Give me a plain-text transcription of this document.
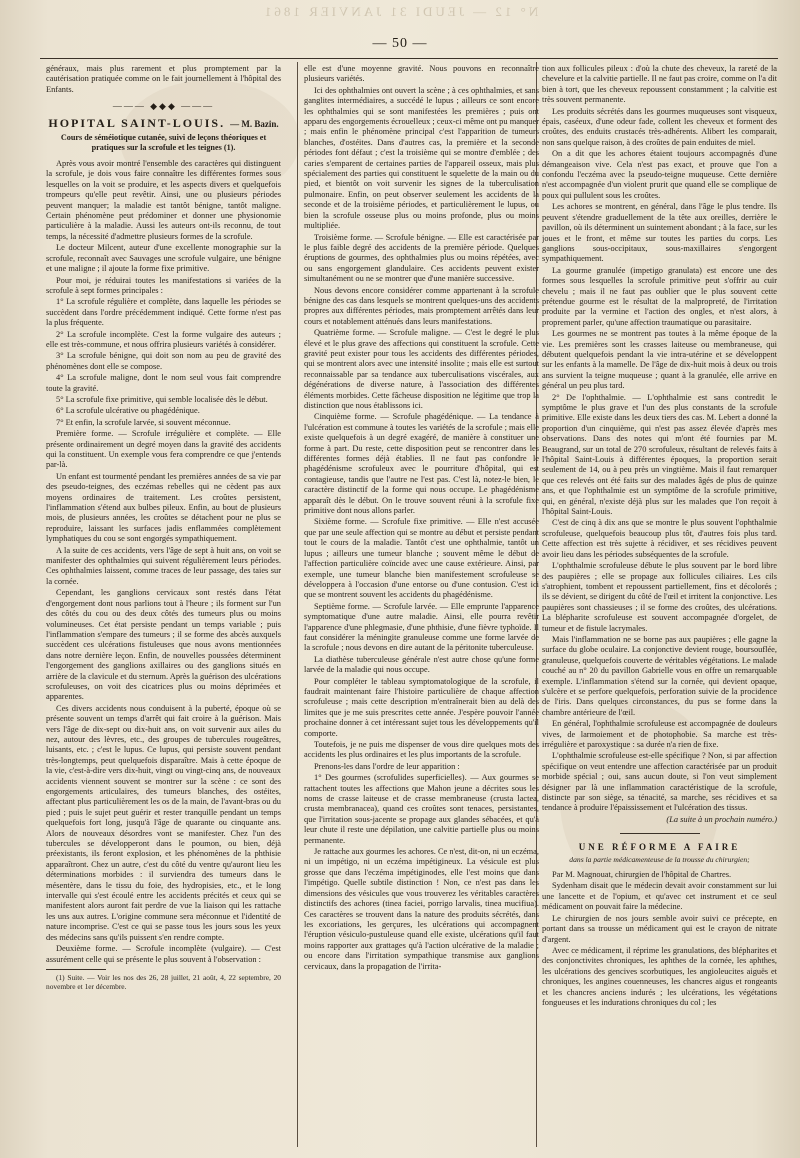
N° 12 — JEUDI 31 JANVIER 1861
— 50 —

généraux, mais plus rarement et plus promptement par la cautérisation pratiquée comme on le fait journellement à l'hôpital des Enfants.

——— ◆◆◆ ———
HOPITAL SAINT-LOUIS. — M. Bazin.
Cours de séméiotique cutanée, suivi de leçons théoriques et pratiques sur la scrofule et les teignes (1).

Après vous avoir montré l'ensemble des caractères qui distinguent la scrofule, je dois vous faire connaître les différentes formes sous lesquelles on la voit se produire, et les aspects divers et quelquefois trompeurs qu'elle peut revêtir. Ainsi, une ou plusieurs périodes peuvent manquer; la maladie est tantôt bénigne, tantôt maligne. Certain phénomène peut prédominer et donner une physionomie particulière à la maladie. Aussi les auteurs ont-ils reconnu, de tout temps, la nécessité d'admettre plusieurs formes de la scrofule.

Le docteur Milcent, auteur d'une excellente monographie sur la scrofule, reconnaît avec Sauvages une scrofule vulgaire, une bénigne et une maligne ; il ajoute la forme fixe primitive.

Pour moi, je réduirai toutes les manifestations si variées de la scrofule à sept formes principales :

1° La scrofule régulière et complète, dans laquelle les périodes se succèdent dans l'ordre précédemment indiqué. Cette forme n'est pas la plus fréquente.

2° La scrofule incomplète. C'est la forme vulgaire des auteurs ; elle est très-commune, et nous offrira plusieurs variétés à considérer.

3° La scrofule bénigne, qui doit son nom au peu de gravité des phénomènes dont elle se compose.

4° La scrofule maligne, dont le nom seul vous fait comprendre toute la gravité.

5° La scrofule fixe primitive, qui semble localisée dès le début.

6° La scrofule ulcérative ou phagédénique.

7° Et enfin, la scrofule larvée, si souvent méconnue.

Première forme. — Scrofule irrégulière et complète. — Elle présente ordinairement un degré moyen dans la gravité des accidents qui la constituent. Un exemple vous fera comprendre ce que j'entends par-là.

Un enfant est tourmenté pendant les premières années de sa vie par des pseudo-teignes, des eczémas rebelles qui ne cèdent pas aux moyens ordinaires de traitement. Les croûtes persistent, l'inflammation s'étend aux bulbes pileux. Enfin, au bout de plusieurs mois, de plusieurs années, les croûtes se détachent pour ne plus se reproduire, laissant les surfaces jadis enflammées complètement lymphatiques du cou se sont engorgés sympathiquement.

A la suite de ces accidents, vers l'âge de sept à huit ans, on voit se manifester des ophthalmies qui suivent régulièrement leurs périodes. Ces ophthalmies laissent, comme traces de leur passage, des taies sur la cornée.

Cependant, les ganglions cervicaux sont restés dans l'état d'engorgement dont nous parlions tout à l'heure ; ils forment sur l'un des côtés du cou ou des deux côtés des tumeurs plus ou moins volumineuses. Cet état persiste pendant un temps variable ; puis l'inflammation s'empare des tumeurs ; il se forme des abcès auxquels succèdent ces ulcérations fistuleuses que nous avons mentionnées dans notre dernière leçon. Enfin, de nouvelles poussées déterminent l'engorgement des ganglions axillaires ou des ganglions situés en arrière de la clavicule et du sternum. Après la guérison des ulcérations scrofuleuses, on voit des cicatrices plus ou moins déprimées et apparentes.

Ces divers accidents nous conduisent à la puberté, époque où se présente souvent un temps d'arrêt qui fait croire à la guérison. Mais vers l'âge de dix-sept ou dix-huit ans, on voit survenir aux ailes du nez, autour des lèvres, etc., des groupes de tubercules rougeâtres, luisants, etc. ; c'est le lupus. Ce lupus, qui persiste souvent pendant très-longtemps, peut quelquefois disparaître. Mais à cette époque de la vie, c'est-à-dire vers dix-huit, vingt ou vingt-cinq ans, de nouveaux accidents viennent souvent se montrer sur la scène : ce sont des engorgements articulaires, des tumeurs blanches, des ostéites, affectant plus particulièrement les os de la main, de l'avant-bras ou du pied ; puis le sujet peut guérir et rester tranquille pendant un temps quelquefois fort long, jusqu'à l'âge de quarante ou cinquante ans. Alors de nouveaux désordres vont se manifester. Chez l'un des tubercules se développeront dans le poumon, ou bien, déjà préexistants, ils feront explosion, et les phénomènes de la phthisie apparaîtront. Chez un autre, c'est du côté du ventre qu'auront lieu les déterminations morbides : il surviendra des tumeurs dans le mésentère, dans le tissu du foie, des hydropisies, etc., et le long intervalle qui s'est écoulé entre les accidents précités et ceux qui se manifestent alors auront fait perdre de vue la liaison qui les rattache les uns aux autres. L'origine commune sera méconnue et l'identité de nature incomprise. C'est ce qui se passe tous les jours sous les yeux des médecins sans qu'ils puissent s'en rendre compte.

Deuxième forme. — Scrofule incomplète (vulgaire). — C'est assurément celle qui se présente le plus souvent à l'observation :

(1) Suite. — Voir les nos des 26, 28 juillet, 21 août, 4, 22 septembre, 20 novembre et 1er décembre.

elle est d'une moyenne gravité. Nous pouvons en reconnaître plusieurs variétés.

Ici des ophthalmies ont ouvert la scène ; à ces ophthalmies, et sans ganglites intermédiaires, a succédé le lupus ; ailleurs ce sont encore les ophthalmies qui se sont manifestées les premières ; puis ont apparu des engorgements écrouelleux ; ceux-ci même ont pu manquer ; mais enfin le phénomène principal c'est l'apparition de tumeurs blanches, d'ostéites. Dans d'autres cas, la première et la seconde périodes font défaut ; c'est la troisième qui se montre d'emblée ; des caries s'emparent de certaines parties de l'appareil osseux, mais plus spécialement des parties qui constituent le squelette de la main ou du pied, et bientôt on voit survenir les signes de la tuberculisation pulmonaire. Enfin, on peut observer seulement les accidents de la seconde et de la troisième périodes, et particulièrement le lupus, ou bien la scrofule osseuse plus ou moins profonde, plus ou moins multipliée.

Troisième forme. — Scrofule bénigne. — Elle est caractérisée par le plus faible degré des accidents de la première période. Quelques éruptions de gourmes, des ophthalmies plus ou moins répétées, avec ou sans engorgement glandulaire. Ces accidents peuvent exister simultanément ou ne se montrer que d'une manière successive.

Nous devons encore considérer comme appartenant à la scrofule bénigne des cas dans lesquels se montrent quelques-uns des accidents propres aux différentes périodes, mais promptement arrêtés dans leur cours et notablement atténués dans leurs manifestations.

Quatrième forme. — Scrofule maligne. — C'est le degré le plus élevé et le plus grave des affections qui constituent la scrofule. Cette gravité peut exister pour tous les accidents des différentes périodes, qui se montrent alors avec une intensité insolite ; mais elle est surtout reconnaissable par sa tendance aux tuberculisations viscérales, aux dégénérations de diverse nature, à l'association des différentes éléments morbides. Cette fâcheuse disposition ne légitime que trop la distinction que nous établissons ici.

Cinquième forme. — Scrofule phagédénique. — La tendance à l'ulcération est commune à toutes les variétés de la scrofule ; mais elle existe quelquefois à un degré exagéré, de manière à constituer une forme à part. Du reste, cette disposition peut se rencontrer dans les différentes formes déjà établies. Il ne faut pas confondre le phagédénisme scrofuleux avec le pourriture d'hôpital, qui est contagieuse, tandis que l'autre ne l'est pas. C'est là, notez-le bien, le caractère distinctif de la forme qui nous occupe. Le phagédénisme apparaît dès le début. On le trouve souvent réuni à la scrofule fixe primitive dont nous allons parler.

Sixième forme. — Scrofule fixe primitive. — Elle n'est accusée que par une seule affection qui se montre au début et persiste pendant tout le cours de la maladie. Tantôt c'est une ophthalmie, tantôt un lupus ; ailleurs une tumeur blanche ; souvent même le début de l'affection particulière coïncide avec une cause extérieure. Ainsi, par exemple, une tumeur blanche bien manifestement scrofuleuse se développera à l'occasion d'une entorse ou d'une contusion. C'est ici que se montrent souvent les accidents du phagédénisme.

Septième forme. — Scrofule larvée. — Elle emprunte l'apparence symptomatique d'une autre maladie. Ainsi, elle pourra revêtir l'apparence d'une phlegmasie, d'une phthisie, d'une fièvre typhoïde. Il faut considérer la méningite granuleuse comme une forme larvée de la scrofule ; nous devons en dire autant de la péritonite tuberculeuse.

La diathèse tuberculeuse générale n'est autre chose qu'une forme larvée de la maladie qui nous occupe.

Pour compléter le tableau symptomatologique de la scrofule, il faudrait maintenant faire l'histoire particulière de chaque affection scrofuleuse ; mais cette description m'entraînerait bien au delà des limites que je me suis prescrites cette année. J'espère pouvoir l'année prochaine donner à cet intéressant sujet tous les développements qu'il comporte.

Toutefois, je ne puis me dispenser de vous dire quelques mots des accidents les plus ordinaires et les plus importants de la scrofule.

Prenons-les dans l'ordre de leur apparition :

1° Des gourmes (scrofulides superficielles). — Aux gourmes se rattachent toutes les affections que Mahon jeune a décrites sous les noms de crasse laiteuse et de crasse membraneuse (crusta lactea, crusta membranacea), quand ces croûtes sont tenaces, persistantes, que l'irritation sous-jacente se propage aux glandes sébacées, et qu'à leur chute il reste une dépilation, une calvitie partielle plus ou moins permanente.

Je rattache aux gourmes les achores. Ce n'est, dit-on, ni un eczéma, ni un impétigo, ni un eczéma impétigineux. La vésicule est plus grosse que dans l'eczéma impétiginodes, elle l'est moins que dans l'impétigo. Quelle subtile distinction ! Non, ce n'est pas dans les dimensions des vésicules que vous trouverez les véritables caractères distinctifs des achores (tinea faciei, porrigo larvalis, tinea mucifiua). Ces caractères se trouvent dans la nature des produits sécrétés, dans les excoriations, les gerçures, les ulcérations qui accompagnent l'éruption vésiculo-pustuleuse quand elle existe, ulcérations qu'il faut moins rapporter aux grattages qu'à l'action ulcérative de la maladie ; ou encore dans l'irritation sympathique transmise aux ganglions cervicaux, dans la propagation de l'irrita-

tion aux follicules pileux : d'où la chute des cheveux, la rareté de la chevelure et la calvitie partielle. Il ne faut pas croire, comme on l'a dit bien à tort, que les cheveux repoussent constamment ; la calvitie est très souvent permanente.

Les produits sécrétés dans les gourmes muqueuses sont visqueux, épais, caséeux, d'une odeur fade, collent les cheveux et forment des croûtes, des enduits crustacés très-adhérents. Alibert les comparait, non sans quelque raison, à des croûtes de pain enduites de miel.

On a dit que les achores étaient toujours accompagnés d'une démangeaison vive. Cela n'est pas exact, et prouve que l'on a confondu l'eczéma avec la pseudo-teigne muqueuse. Cette dernière n'est accompagnée d'un violent prurit que quand elle se complique de poux qui pullulent sous les croûtes.

Les achores se montrent, en général, dans l'âge le plus tendre. Ils peuvent s'étendre graduellement de la tête aux oreilles, derrière le pavillon, où ils déterminent un suintement abondant ; à la face, sur les joues et le front, et même sur toutes les parties du corps. Les ganglions sous-occipitaux, sous-maxillaires s'engorgent sympathiquement.

La gourme granulée (impetigo granulata) est encore une des formes sous lesquelles la scrofule primitive peut s'offrir au cuir chevelu ; mais il ne faut pas oublier que le plus souvent cette prétendue gourme est le résultat de la malpropreté, de l'irritation produite par la vermine et l'action des ongles, et n'est alors, à proprement parler, qu'une affection traumatique ou parasitaire.

Les gourmes ne se montrent pas toutes à la même époque de la vie. Les premières sont les crasses laiteuse ou membraneuse, qui débutent quelquefois pendant la vie intra-utérine et se développent sur les enfants à la mamelle. De l'âge de dix-huit mois à deux ou trois ans survient la teigne muqueuse ; quant à la granulée, elle arrive en général un peu plus tard.

2° De l'ophthalmie. — L'ophthalmie est sans contredit le symptôme le plus grave et l'un des plus constants de la scrofule primitive. Elle existe dans les deux tiers des cas. M. Lebert a donné la proportion d'un cinquième, qui n'est pas assez élevée d'après mes observations. Dans des notes qui m'ont été fournies par M. Beaugrand, sur un total de 270 scrofuleux, résultant de relevés faits à l'hôpital Saint-Louis à différentes époques, la proportion serait seulement de 14, ou à peu près un vingtième. Mais il faut remarquer que ces relevés ont été faits sur des malades âgés de plus de quinze ans, et que l'ophthalmie est un symptôme de la scrofule primitive, qui, en général, n'existe déjà plus sur les malades que l'on reçoit à l'hôpital Saint-Louis.

C'est de cinq à dix ans que se montre le plus souvent l'ophthalmie scrofuleuse, quelquefois beaucoup plus tôt, d'autres fois plus tard. Cette affection est très sujette à récidiver, et ses récidives peuvent avoir lieu dans les périodes subséquentes de la scrofule.

L'ophthalmie scrofuleuse débute le plus souvent par le bord libre des paupières ; elle se propage aux follicules ciliaires. Les cils s'atrophient, tombent et repoussent partiellement, fins et décolorés ; ils se dévient, se dirigent du côté de l'œil et irritent la conjonctive. Les paupières sont chassieuses ; il se forme des croûtes, des ulcérations. La blépharite scrofuleuse est souvent accompagnée d'orgelet, de tumeur et de fistule lacrymales.

Mais l'inflammation ne se borne pas aux paupières ; elle gagne la surface du globe oculaire. La conjonctive devient rouge, boursouflée, granuleuse, quelquefois couverte de véritables végétations. Le malade couché au n° 20 du pavillon Gabrielle vous en offre un remarquable exemple. L'inflammation s'étend sur la cornée, qui devient opaque, s'ulcère et se perfore quelquefois, perforation suivie de la procidence de l'iris. Dans quelques circonstances, du pus se forme dans la chambre antérieure de l'œil.

En général, l'ophthalmie scrofuleuse est accompagnée de douleurs vives, de larmoiement et de photophobie. Sa marche est très-irrégulière et paroxystique : sa durée n'a rien de fixe.

L'ophthalmie scrofuleuse est-elle spécifique ? Non, si par affection spécifique on veut entendre une affection caractérisée par un produit morbide spécial ; oui, sans aucun doute, si l'on veut simplement désigner par là une inflammation caractéristique de la scrofule, distincte par son siège, sa ténacité, sa marche, ses récidives et sa tendance à produire l'épaississement et l'ulcération des tissus.

(La suite à un prochain numéro.)

UNE RÉFORME A FAIRE
dans la partie médicamenteuse de la trousse du chirurgien;

Par M. Magnouat, chirurgien de l'hôpital de Chartres.

Sydenham disait que le médecin devait avoir constamment sur lui une lancette et de l'opium, et qu'avec cet instrument et ce seul médicament on pouvait faire la médecine.

Le chirurgien de nos jours semble avoir suivi ce précepte, en portant dans sa trousse un médicament qui est le crayon de nitrate d'argent.

Avec ce médicament, il réprime les granulations, des blépharites et des conjonctivites chroniques, les aphthes de la cornée, les aphthes, les ulcérations des gencives scorbutiques, les angioleucites aiguës et chroniques, les angines couenneuses, les chancres aigus et rongeants et les chancres anciens indurés ; les ulcérations, les végétations fongueuses et les indurations chroniques du col ; les
